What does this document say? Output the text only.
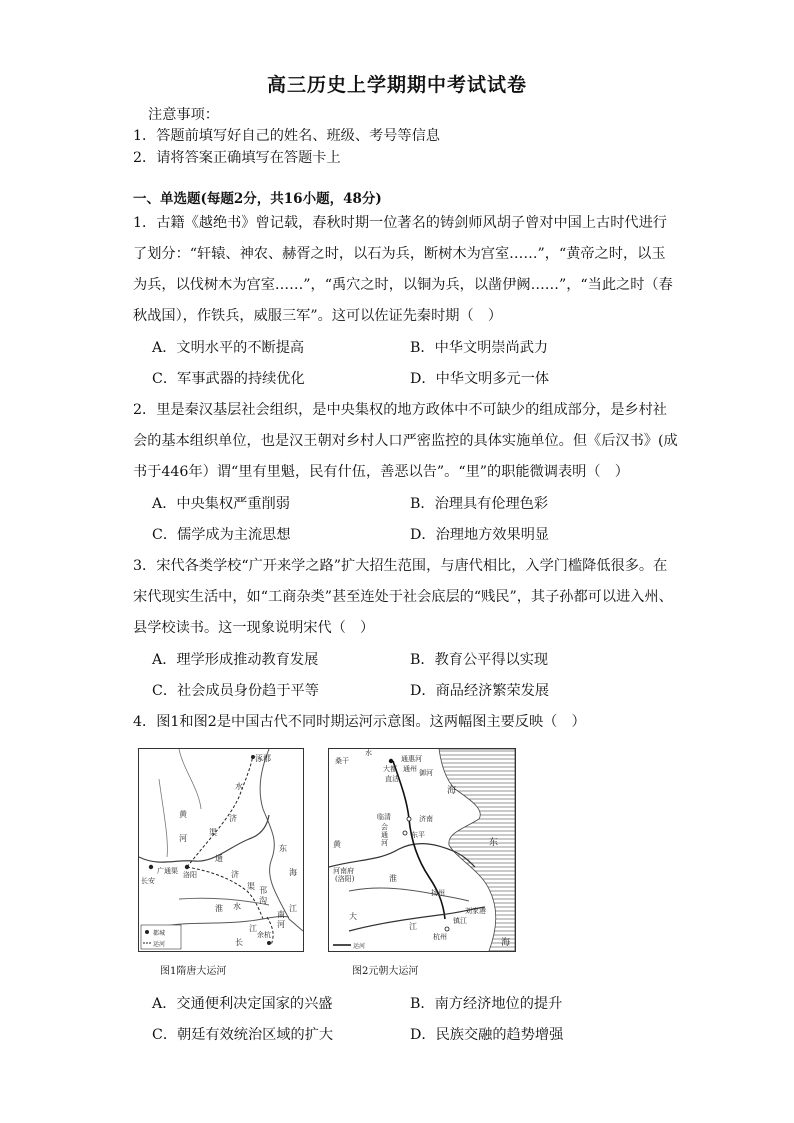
高三历史上学期期中考试试卷
注意事项：
1．答题前填写好自己的姓名、班级、考号等信息
2．请将答案正确填写在答题卡上
一、单选题(每题2分，共16小题，48分)
1．古籍《越绝书》曾记载，春秋时期一位著名的铸剑师风胡子曾对中国上古时代进行
了划分：“轩辕、神农、赫胥之时，以石为兵，断树木为宫室……”，“黄帝之时，以玉
为兵，以伐树木为宫室……”，“禹穴之时，以铜为兵，以凿伊阙……”，“当此之时（春
秋战国），作铁兵，威服三军”。这可以佐证先秦时期（　）
A．文明水平的不断提高	B．中华文明崇尚武力
C．军事武器的持续优化	D．中华文明多元一体
2．里是秦汉基层社会组织，是中央集权的地方政体中不可缺少的组成部分，是乡村社
会的基本组织单位，也是汉王朝对乡村人口严密监控的具体实施单位。但《后汉书》(成
书于446年）谓“里有里魁，民有什伍，善恶以告”。“里”的职能微调表明（　）
A．中央集权严重削弱	B．治理具有伦理色彩
C．儒学成为主流思想	D．治理地方效果明显
3．宋代各类学校“广开来学之路”扩大招生范围，与唐代相比，入学门槛降低很多。在
宋代现实生活中，如“工商杂类”甚至连处于社会底层的“贱民”，其子孙都可以进入州、
县学校读书。这一现象说明宋代（　）
A．理学形成推动教育发展	B．教育公平得以实现
C．社会成员身份趋于平等	D．商品经济繁荣发展
4．图1和图2是中国古代不同时期运河示意图。这两幅图主要反映（　）
涿郡
黄
河
水
济
渠
长安
广通渠 洛阳
通
济
渠
淮 水
邗
沟
江
南
河
江
长
余杭
东
海
都城
运河
图1隋唐大运河
桑干
水
大都
通惠河
通州
直沽
御河
海
临清
会
通
河
济南
东平
黄
河南府
(洛阳)	淮
扬州
镇江
刘家港
杭州
大
江
东
海
运河
图2元朝大运河
A．交通便利决定国家的兴盛	B．南方经济地位的提升
C．朝廷有效统治区域的扩大	D．民族交融的趋势增强
